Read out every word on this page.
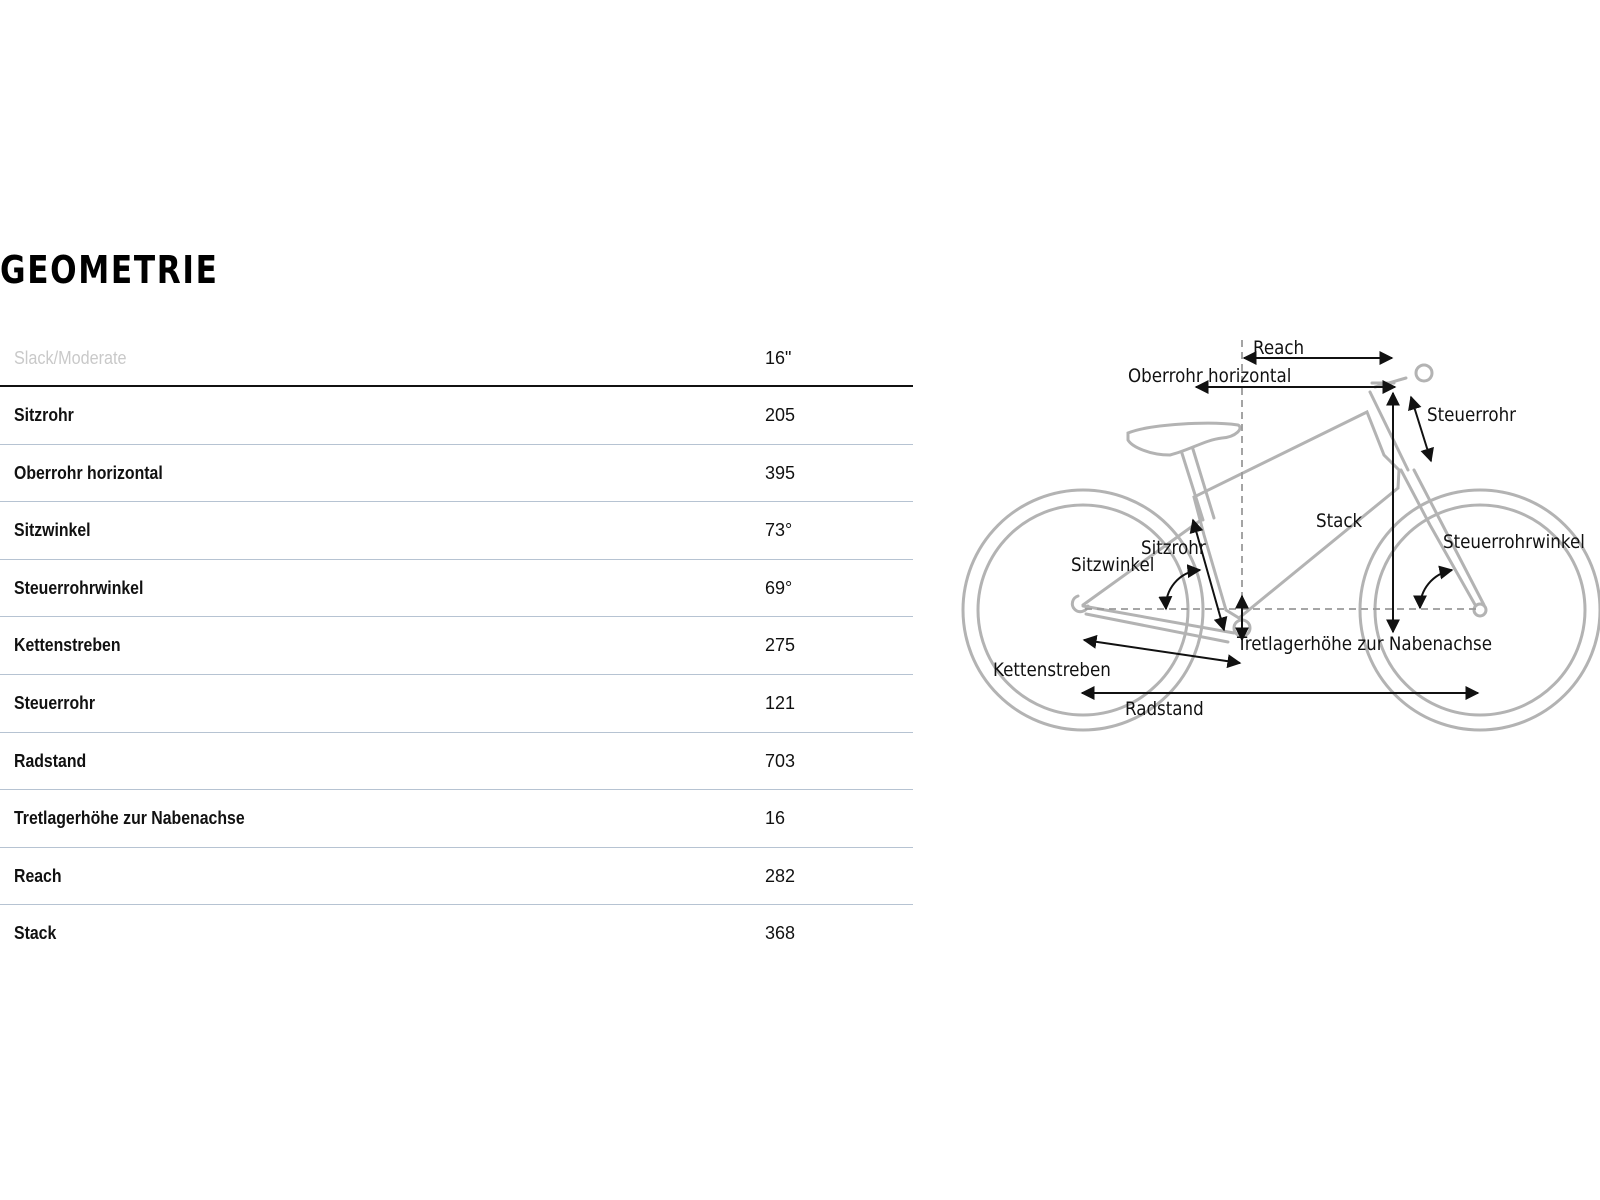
GEOMETRIE
Slack/Moderate	16"
Sitzrohr	205
Oberrohr horizontal	395
Sitzwinkel	73°
Steuerrohrwinkel	69°
Kettenstreben	275
Steuerrohr	121
Radstand	703
Tretlagerhöhe zur Nabenachse	16
Reach	282
Stack	368
Reach
Oberrohr horizontal
Steuerrohr
Stack
Sitzrohr
Sitzwinkel
Steuerrohrwinkel
Tretlagerhöhe zur Nabenachse
Kettenstreben
Radstand
